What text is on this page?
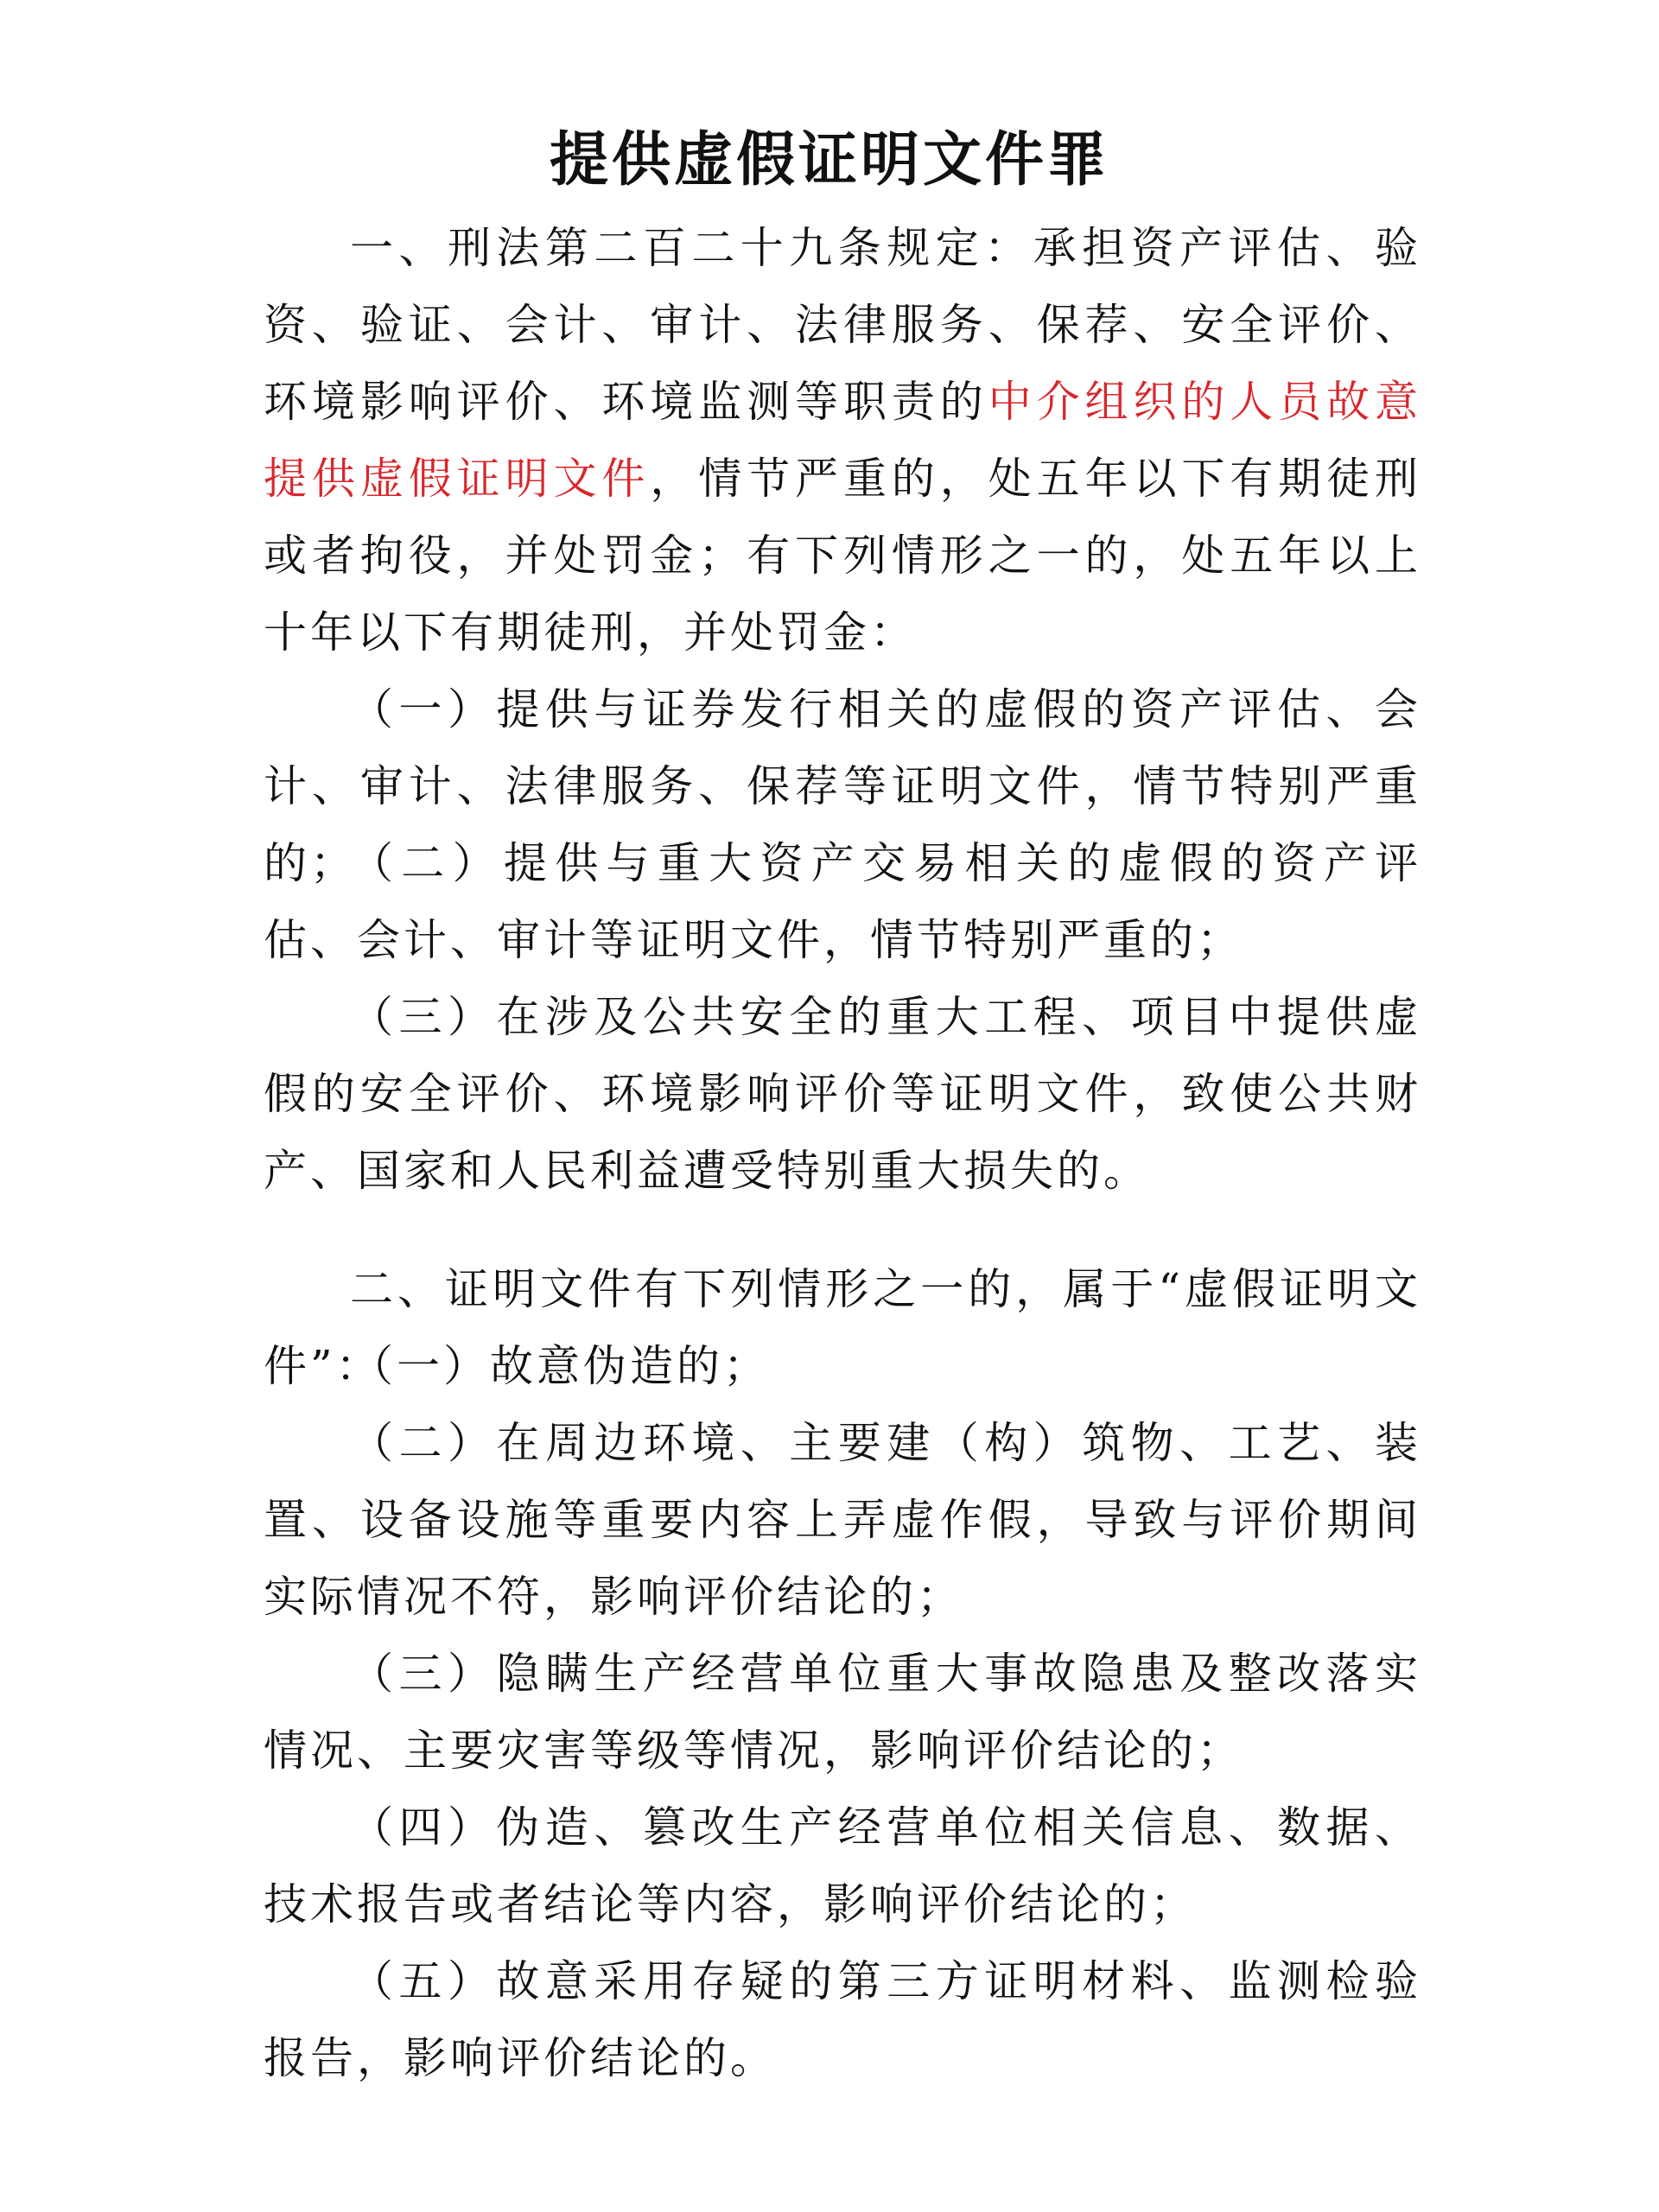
提供虚假证明文件罪

一、刑法第二百二十九条规定：承担资产评估、验资、验证、会计、审计、法律服务、保荐、安全评价、环境影响评价、环境监测等职责的中介组织的人员故意提供虚假证明文件，情节严重的，处五年以下有期徒刑或者拘役，并处罚金；有下列情形之一的，处五年以上十年以下有期徒刑，并处罚金：

（一）提供与证券发行相关的虚假的资产评估、会计、审计、法律服务、保荐等证明文件，情节特别严重的；

（二）提供与重大资产交易相关的虚假的资产评估、会计、审计等证明文件，情节特别严重的；

（三）在涉及公共安全的重大工程、项目中提供虚假的安全评价、环境影响评价等证明文件，致使公共财产、国家和人民利益遭受特别重大损失的。

二、证明文件有下列情形之一的，属于“虚假证明文件”：

（一）故意伪造的；

（二）在周边环境、主要建（构）筑物、工艺、装置、设备设施等重要内容上弄虚作假，导致与评价期间实际情况不符，影响评价结论的；

（三）隐瞒生产经营单位重大事故隐患及整改落实情况、主要灾害等级等情况，影响评价结论的；

（四）伪造、篡改生产经营单位相关信息、数据、技术报告或者结论等内容，影响评价结论的；

（五）故意采用存疑的第三方证明材料、监测检验报告，影响评价结论的。
